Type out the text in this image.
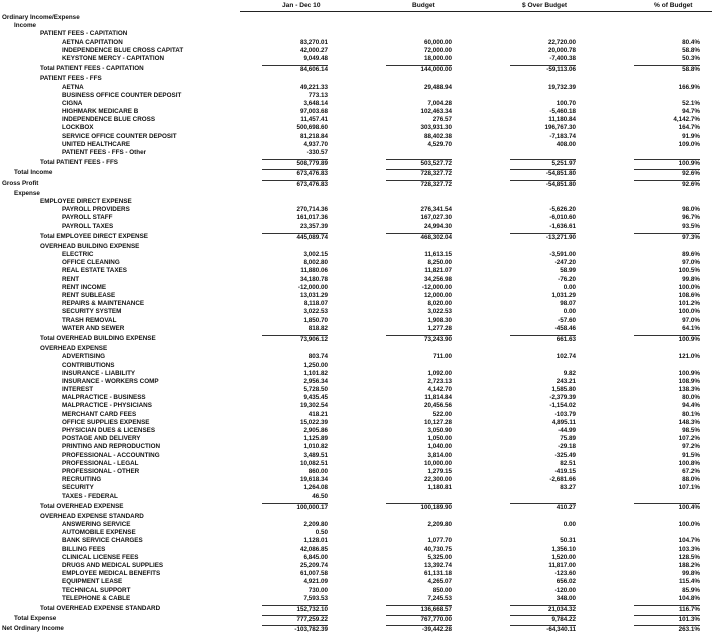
Jan - Dec 10	Budget	$ Over Budget	% of Budget
Ordinary Income/Expense
Income
PATIENT FEES - CAPITATION
AETNA CAPITATION	83,270.01	60,000.00	22,720.00	80.4%
INDEPENDENCE BLUE CROSS CAPITAT	42,000.27	72,000.00	20,000.78	58.8%
KEYSTONE MERCY - CAPITATION	9,049.48	18,000.00	-7,400.38	50.3%
Total PATIENT FEES - CAPITATION	84,606.14	144,000.00	-59,113.06	58.8%
PATIENT FEES - FFS
AETNA	49,221.33	29,488.94	19,732.39	166.9%
BUSINESS OFFICE COUNTER DEPOSIT	773.13
CIGNA	3,648.14	7,004.28	100.70	52.1%
HIGHMARK MEDICARE B	97,003.68	102,463.34	-5,460.18	94.7%
INDEPENDENCE BLUE CROSS	11,457.41	276.57	11,180.84	4,142.7%
LOCKBOX	500,698.60	303,931.30	196,767.30	164.7%
SERVICE OFFICE COUNTER DEPOSIT	81,218.84	88,402.38	-7,183.74	91.9%
UNITED HEALTHCARE	4,937.70	4,529.70	408.00	109.0%
PATIENT FEES - FFS - Other	-330.57
Total PATIENT FEES - FFS	508,779.89	503,527.72	5,251.97	100.9%
Total Income	673,476.83	728,327.72	-54,851.80	92.6%
Gross Profit	673,476.83	728,327.72	-54,851.80	92.6%
Expense
EMPLOYEE DIRECT EXPENSE
PAYROLL PROVIDERS	270,714.36	276,341.54	-5,626.20	98.0%
PAYROLL STAFF	161,017.36	167,027.30	-6,010.60	96.7%
PAYROLL TAXES	23,357.39	24,994.30	-1,636.61	93.5%
Total EMPLOYEE DIRECT EXPENSE	445,089.74	468,302.04	-13,271.90	97.3%
OVERHEAD BUILDING EXPENSE
ELECTRIC	3,002.15	11,613.15	-3,591.00	89.6%
OFFICE CLEANING	8,002.80	8,250.00	-247.20	97.0%
REAL ESTATE TAXES	11,880.06	11,821.07	58.99	100.5%
RENT	34,180.78	34,256.98	-76.20	99.8%
RENT INCOME	-12,000.00	-12,000.00	0.00	100.0%
RENT SUBLEASE	13,031.29	12,000.00	1,031.29	108.6%
REPAIRS & MAINTENANCE	8,118.07	8,020.00	98.07	101.2%
SECURITY SYSTEM	3,022.53	3,022.53	0.00	100.0%
TRASH REMOVAL	1,850.70	1,908.30	-57.60	97.0%
WATER AND SEWER	818.82	1,277.28	-458.46	64.1%
Total OVERHEAD BUILDING EXPENSE	73,906.12	73,243.90	661.63	100.9%
OVERHEAD EXPENSE
ADVERTISING	803.74	711.00	102.74	121.0%
CONTRIBUTIONS	1,250.00
INSURANCE - LIABILITY	1,101.82	1,092.00	9.82	100.9%
INSURANCE - WORKERS COMP	2,956.34	2,723.13	243.21	108.9%
INTEREST	5,728.50	4,142.70	1,585.80	138.3%
MALPRACTICE - BUSINESS	9,435.45	11,814.84	-2,379.39	80.0%
MALPRACTICE - PHYSICIANS	19,302.54	20,456.56	-1,154.02	94.4%
MERCHANT CARD FEES	418.21	522.00	-103.79	80.1%
OFFICE SUPPLIES EXPENSE	15,022.39	10,127.28	4,895.11	148.3%
PHYSICIAN DUES & LICENSES	2,905.86	3,050.90	-44.99	98.5%
POSTAGE AND DELIVERY	1,125.89	1,050.00	75.89	107.2%
PRINTING AND REPRODUCTION	1,010.82	1,040.00	-29.18	97.2%
PROFESSIONAL - ACCOUNTING	3,489.51	3,814.00	-325.49	91.5%
PROFESSIONAL - LEGAL	10,082.51	10,000.00	82.51	100.8%
PROFESSIONAL - OTHER	860.00	1,279.15	-419.15	67.2%
RECRUITING	19,618.34	22,300.00	-2,681.66	88.0%
SECURITY	1,264.08	1,180.81	83.27	107.1%
TAXES - FEDERAL	46.50
Total OVERHEAD EXPENSE	100,000.17	100,189.90	410.27	100.4%
OVERHEAD EXPENSE STANDARD
ANSWERING SERVICE	2,209.80	2,209.80	0.00	100.0%
AUTOMOBILE EXPENSE	0.50
BANK SERVICE CHARGES	1,128.01	1,077.70	50.31	104.7%
BILLING FEES	42,086.85	40,730.75	1,356.10	103.3%
CLINICAL LICENSE FEES	6,845.00	5,325.00	1,520.00	128.5%
DRUGS AND MEDICAL SUPPLIES	25,209.74	13,392.74	11,817.00	188.2%
EMPLOYEE MEDICAL BENEFITS	61,007.58	61,131.18	-123.60	99.8%
EQUIPMENT LEASE	4,921.09	4,265.07	656.02	115.4%
TECHNICAL SUPPORT	730.00	850.00	-120.00	85.9%
TELEPHONE & CABLE	7,593.53	7,245.53	348.00	104.8%
Total OVERHEAD EXPENSE STANDARD	152,732.10	136,668.57	21,034.32	116.7%
Total Expense	777,259.22	767,770.00	9,784.22	101.3%
Net Ordinary Income	-103,782.39	-39,442.28	-64,340.11	263.1%
